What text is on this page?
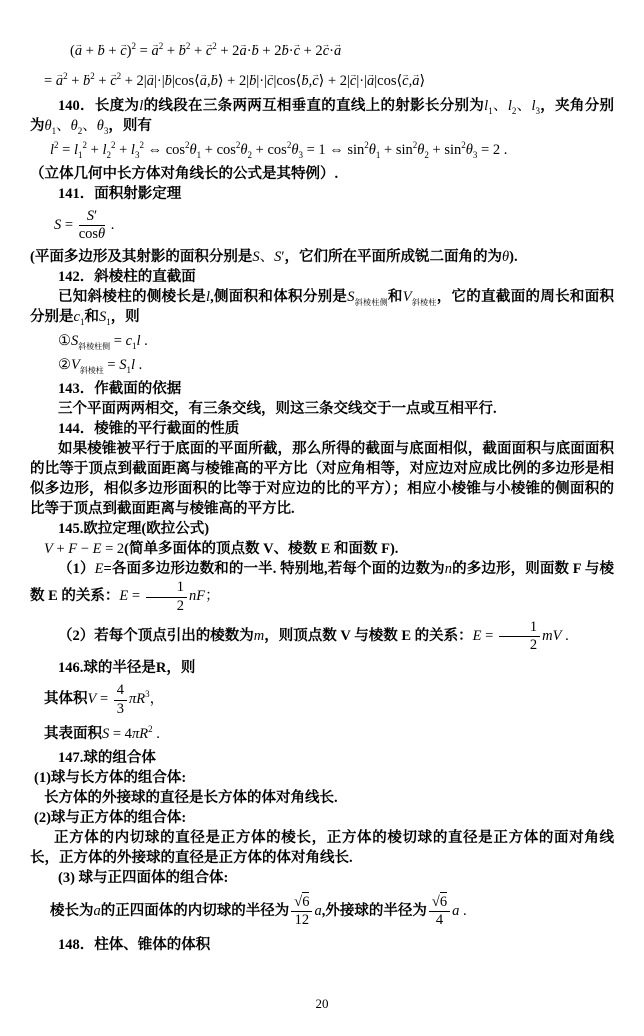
(→ a + → b + → c)$^2$ = → $a^2$ + → $b^2$ + → $c^2 + 2\to a\cdot\to b + 2\to b\cdot\to c + 2\to c\cdot\to a$
= → $a^2$ + → $b^2$ + → $c^2 + 2|\to a|\cdot|\to$ b|cos⟨→ a,→ b⟩ + 2|→ b|·|→ c|cos⟨→ b,→ c⟩ + 2|→ c|·|→ a|cos⟨→ c,→ a⟩
140．长度为l的线段在三条两两互相垂直的直线上的射影长分别为$l_1$、$l_2$、$l_3$，夹角分别为$\theta_1$、$\theta_2$、$\theta_3$，则有
$l^2 = l_1^2 + l_2^2 + l_3^2$ ⇔ $\cos^2\theta_1 + \cos^2\theta_2 + \cos^2\theta_3 = 1$ ⇔ $\sin^2\theta_1 + \sin^2\theta_2 + \sin^2\theta_3 = 2$ .
（立体几何中长方体对角线长的公式是其特例）.
141．面积射影定理
$S = \frac{S'}{\cos\theta}$ .
(平面多边形及其射影的面积分别是S、S′，它们所在平面所成锐二面角的为θ).
142．斜棱柱的直截面
已知斜棱柱的侧棱长是l,侧面积和体积分别是$S_{斜棱柱侧}$和$V_{斜棱柱}$，它的直截面的周长和面积分别是$c_1$和$S_1$，则
$①S_{斜棱柱侧} = c_1l$ .
$②V_{斜棱柱} = S_1l$ .
143．作截面的依据
三个平面两两相交，有三条交线，则这三条交线交于一点或互相平行.
144．棱锥的平行截面的性质
如果棱锥被平行于底面的平面所截，那么所得的截面与底面相似，截面面积与底面面积的比等于顶点到截面距离与棱锥高的平方比（对应角相等，对应边对应成比例的多边形是相似多边形，相似多边形面积的比等于对应边的比的平方）；相应小棱锥与小棱锥的侧面积的比等于顶点到截面距离与棱锥高的平方比.
145.欧拉定理(欧拉公式)
V + F − E = 2(简单多面体的顶点数 V、棱数 E 和面数 F).
（1）E=各面多边形边数和的一半. 特别地,若每个面的边数为n的多边形，则面数 F 与棱数 E 的关系：$E = \frac{1}{2}$ nF；
（2）若每个顶点引出的棱数为m，则顶点数 V 与棱数 E 的关系：$E = \frac{1}{2}$ mV .
146.球的半径是R，则
其体积$V = \frac{4}{3} \pi R^3$，
其表面积$S = 4\pi R^2$ .
147.球的组合体
(1)球与长方体的组合体:
长方体的外接球的直径是长方体的体对角线长.
(2)球与正方体的组合体:
正方体的内切球的直径是正方体的棱长，正方体的棱切球的直径是正方体的面对角线长，正方体的外接球的直径是正方体的体对角线长.
(3) 球与正四面体的组合体:
棱长为a的正四面体的内切球的半径为 $\frac{√6}{12} a$,外接球的半径为 $\frac{√6}{4}$ a .
148．柱体、锥体的体积
20
